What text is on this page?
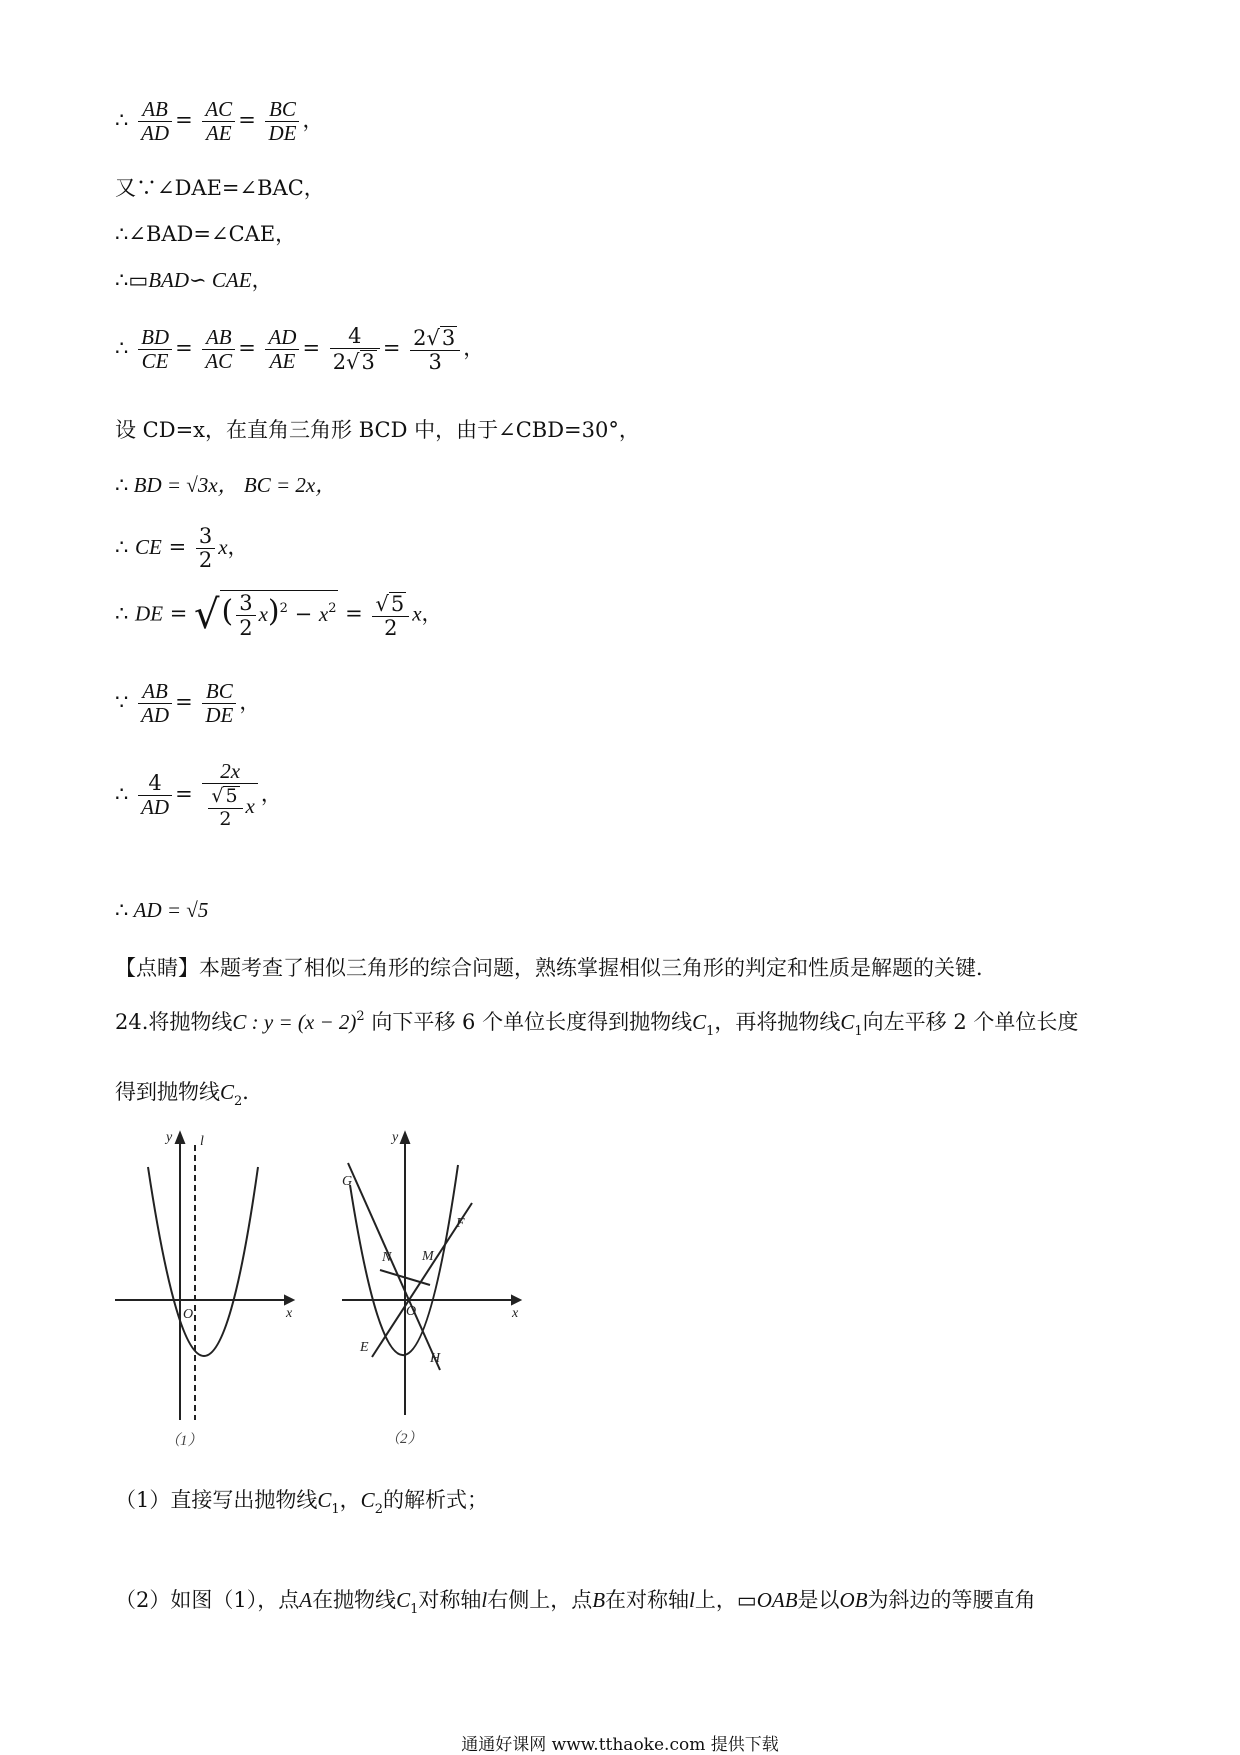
∴ $\frac{AB}{AD} = \frac{AC}{AE} = \frac{BC}{DE}$ ，
又∵∠DAE=∠BAC，
∴∠BAD=∠CAE，
∴▭BAD∽ CAE，
∴ $\frac{BD}{CE} = \frac{AB}{AC} = \frac{AD}{AE} = \frac{4}{2√3} = \frac{2√3}{3}$ ，
设 CD=x，在直角三角形 BCD 中，由于∠CBD=30°，
∴ BD = √3x， BC = 2x，
∴ CE = $\frac{3}{2}$ x，
∴ DE = √( $\frac{3}{2} x)^2 - x^2 = \frac{√5}{2}$ x，
∵ $\frac{AB}{AD} = \frac{BC}{DE}$ ，
∴ $\frac{4}{AD} = \frac{2x}{\frac{√ 5}{2} x}$ ，
∴ AD = √5
【点睛】本题考查了相似三角形的综合问题，熟练掌握相似三角形的判定和性质是解题的关键．
24.将抛物线C : $y = (x - 2)^2$ 向下平移 6 个单位长度得到抛物线$C_1$，再将抛物线$C_1$向左平移 2 个单位长度
得到抛物线$C_2$．
y l
x
O
y
x
O
G
F
N M
E
H
（1）	（2）
（1）直接写出抛物线$C_1$，$C_2$的解析式；
（2）如图（1），点A在抛物线$C_1$对称轴l右侧上，点B在对称轴l上，▭OAB是以OB为斜边的等腰直角
通通好课网 www.tthaoke.com 提供下载
